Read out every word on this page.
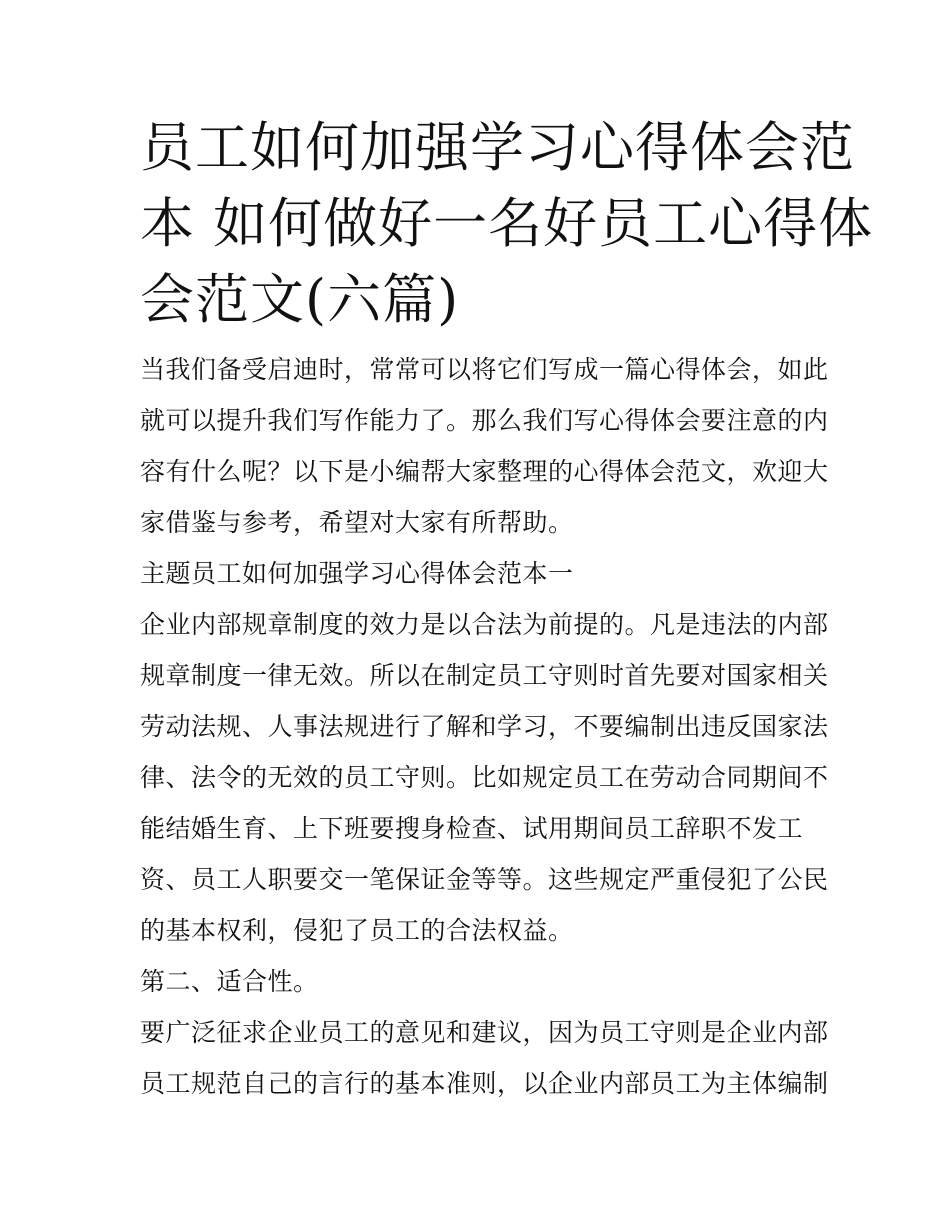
员工如何加强学习心得体会范
本 如何做好一名好员工心得体
会范文(六篇)

当我们备受启迪时，常常可以将它们写成一篇心得体会，如此
就可以提升我们写作能力了。那么我们写心得体会要注意的内
容有什么呢？以下是小编帮大家整理的心得体会范文，欢迎大
家借鉴与参考，希望对大家有所帮助。

主题员工如何加强学习心得体会范本一

企业内部规章制度的效力是以合法为前提的。凡是违法的内部
规章制度一律无效。所以在制定员工守则时首先要对国家相关
劳动法规、人事法规进行了解和学习，不要编制出违反国家法
律、法令的无效的员工守则。比如规定员工在劳动合同期间不
能结婚生育、上下班要搜身检查、试用期间员工辞职不发工
资、员工人职要交一笔保证金等等。这些规定严重侵犯了公民
的基本权利，侵犯了员工的合法权益。

第二、适合性。

要广泛征求企业员工的意见和建议，因为员工守则是企业内部
员工规范自己的言行的基本准则，以企业内部员工为主体编制
